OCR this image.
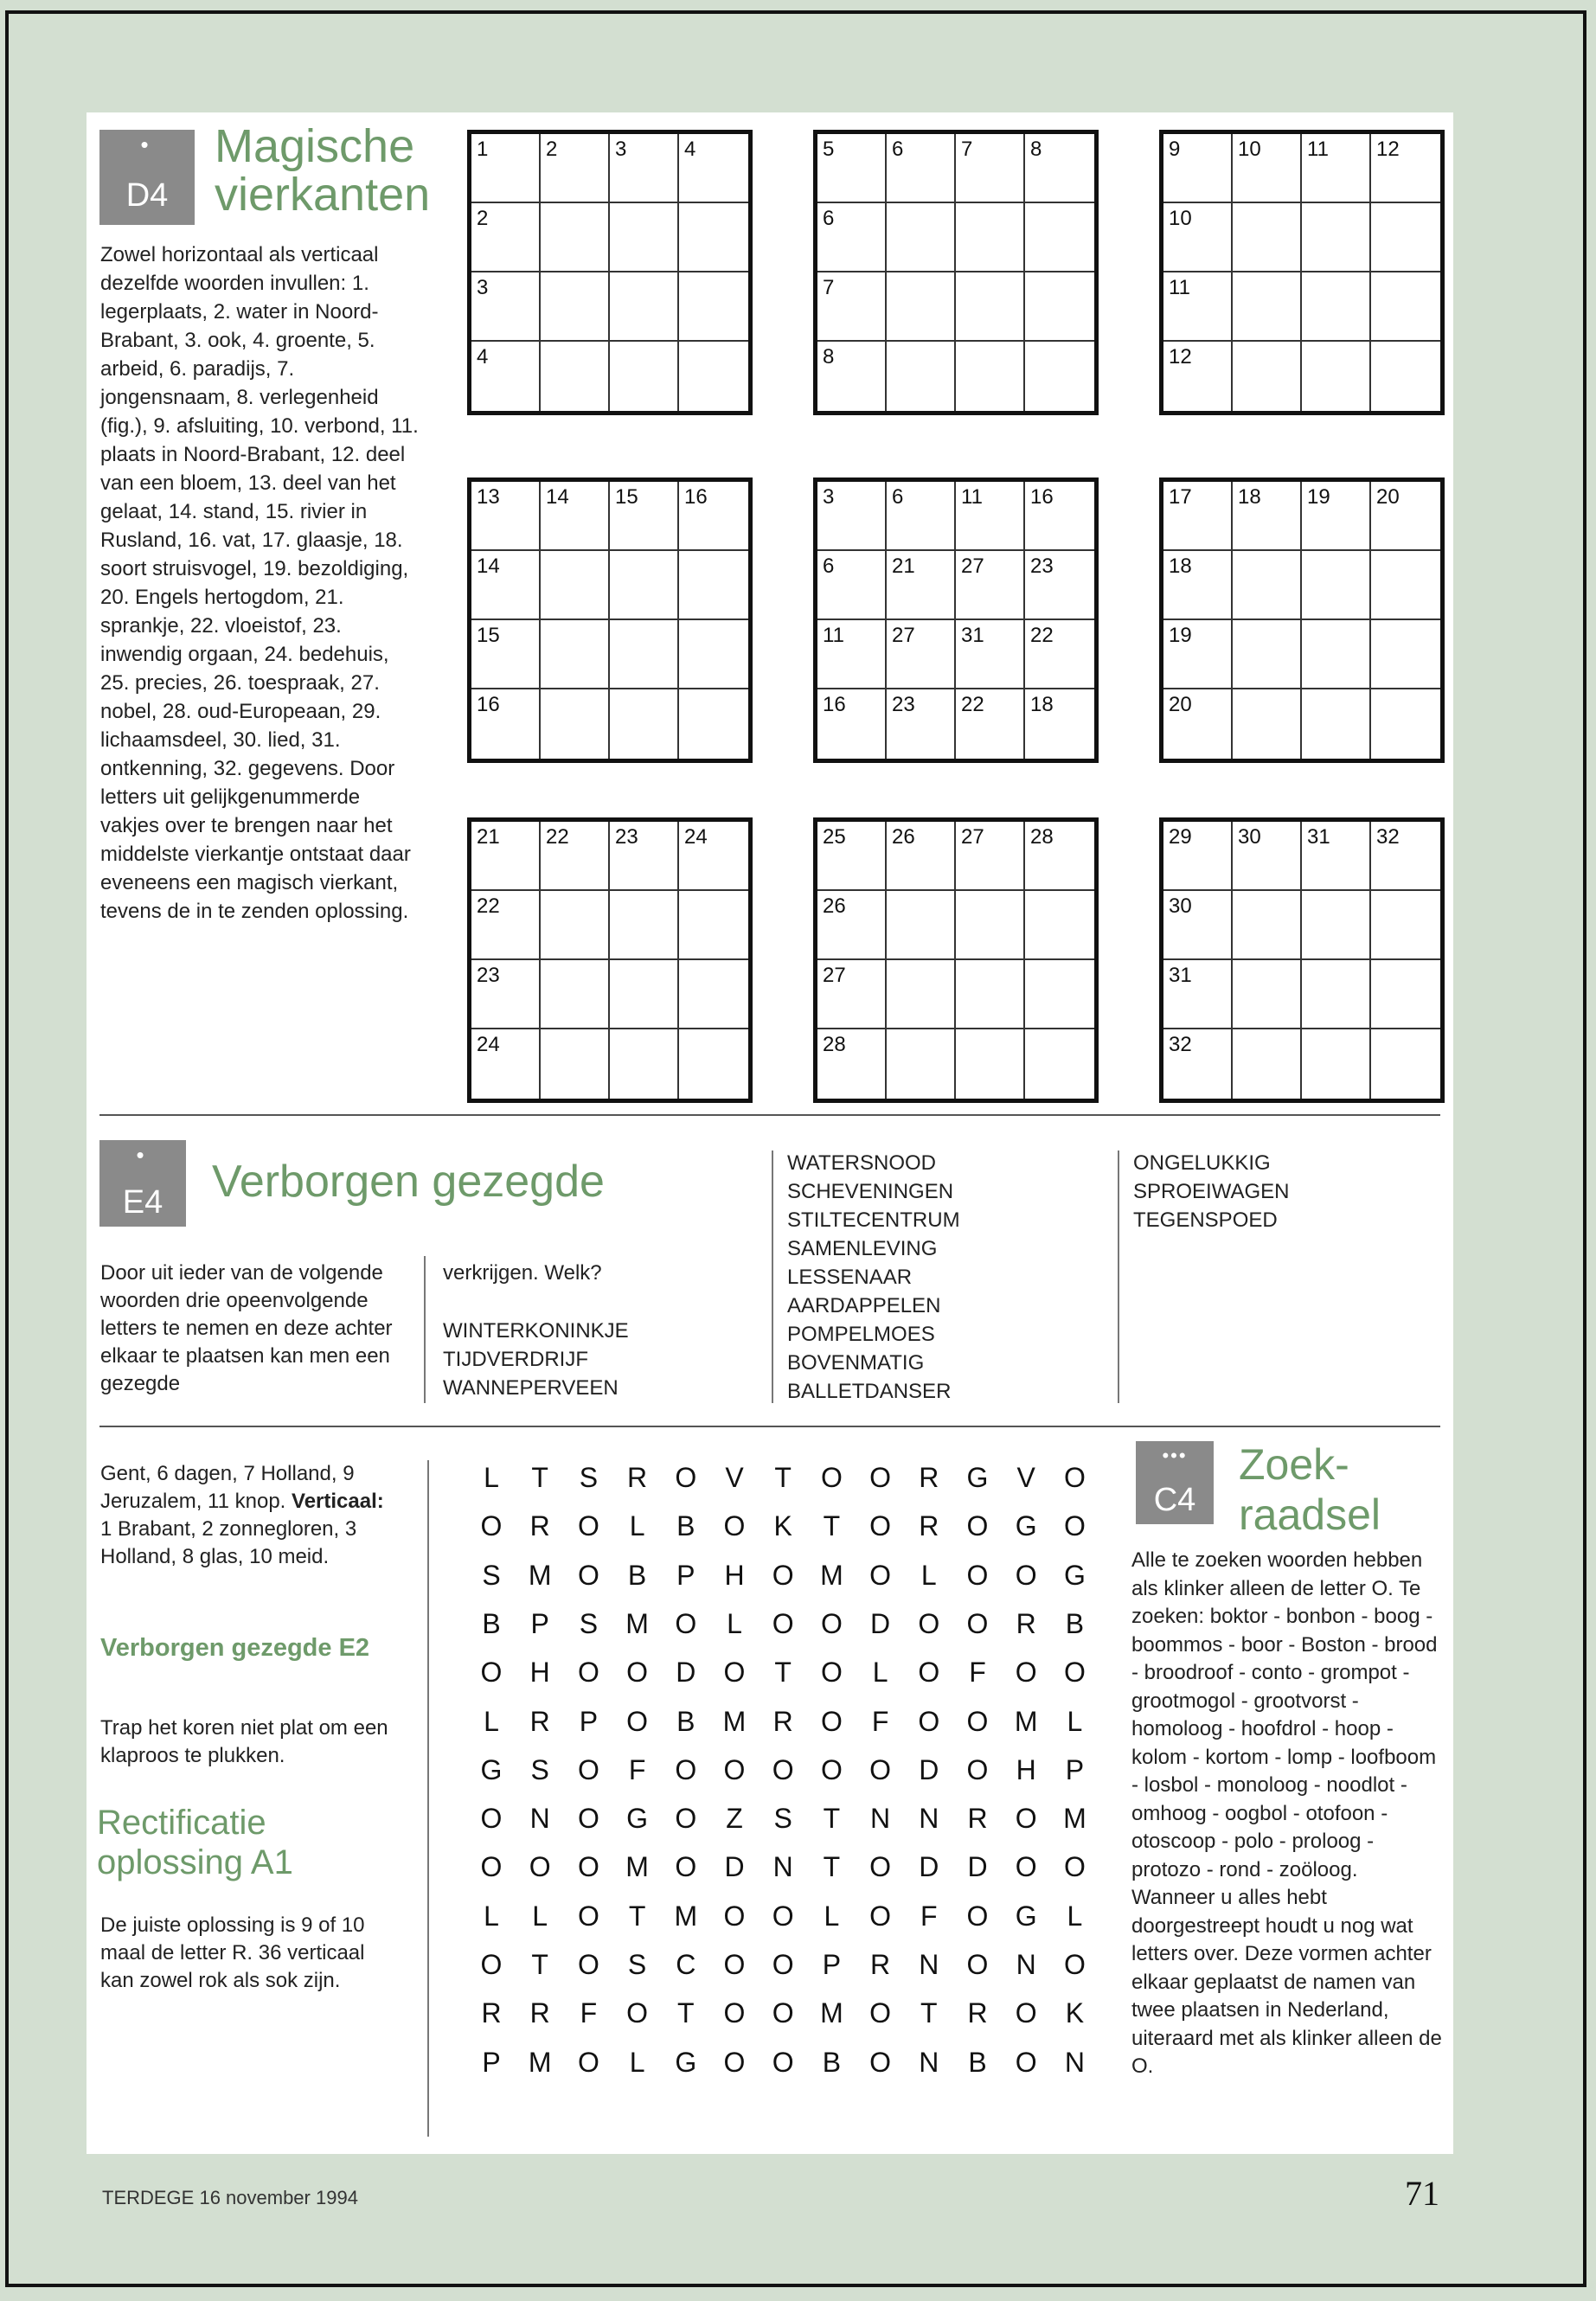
•
D4
Magische
vierkanten
Zowel horizontaal als verticaal dezelfde woorden invullen: 1. legerplaats, 2. water in Noord-Brabant, 3. ook, 4. groente, 5. arbeid, 6. paradijs, 7. jongensnaam, 8. verlegenheid (fig.), 9. afsluiting, 10. verbond, 11. plaats in Noord-Brabant, 12. deel van een bloem, 13. deel van het gelaat, 14. stand, 15. rivier in Rusland, 16. vat, 17. glaasje, 18. soort struisvogel, 19. bezoldiging, 20. Engels hertogdom, 21. sprankje, 22. vloeistof, 23. inwendig orgaan, 24. bedehuis, 25. precies, 26. toespraak, 27. nobel, 28. oud-Europeaan, 29. lichaamsdeel, 30. lied, 31. ontkenning, 32. gegevens. Door letters uit gelijkgenummerde vakjes over te brengen naar het middelste vierkantje ontstaat daar eveneens een magisch vierkant, tevens de in te zenden oplossing.
1	2	3	4
2
3
4
5	6	7	8
6
7
8
9	10 11 12
10
11
12
13 14 15 16
14
15
16
3	6	11 16
6	21 27 23
11 27 31 22
16 23 22 18
17 18 19 20
18
19
20
21 22 23 24
22
23
24
25 26 27 28
26
27
28
29 30 31 32
30
31
32
•
E4	Verborgen gezegde
Door uit ieder van de volgende woorden drie opeenvolgende letters te nemen en deze achter elkaar te plaatsen kan men een gezegde
verkrijgen. Welk?
WINTERKONINKJE
TIJDVERDRIJF
WANNEPERVEEN
WATERSNOOD
SCHEVENINGEN
STILTECENTRUM
SAMENLEVING
LESSENAAR
AARDAPPELEN
POMPELMOES
BOVENMATIG
BALLETDANSER
ONGELUKKIG
SPROEIWAGEN
TEGENSPOED
Gent, 6 dagen, 7 Holland, 9 Jeruzalem, 11 knop. Verticaal: 1 Brabant, 2 zonnegloren, 3 Holland, 8 glas, 10 meid.
Verborgen gezegde E2
Trap het koren niet plat om een klaproos te plukken.
Rectificatie oplossing A1
De juiste oplossing is 9 of 10 maal de letter R. 36 verticaal kan zowel rok als sok zijn.
L	T	S	R	O	V	T	O O	R	G	V	O
O	R	O	L	B	O	K	T	O	R	O G O
S	M O	B	P	H	O M O	L	O O G
B	P	S	M O	L	O O	D	O O	R	B
O	H	O O	D	O	T	O	L	O	F	O O
L	R	P	O	B	M R	O	F	O O M	L
G	S	O	F	O O O O O	D	O	H	P
O	N	O G O	Z	S	T	N	N	R	O M
O O O M O	D	N	T	O	D	D	O O
L	L	O	T	M O O	L	O	F	O G	L
O	T	O	S	C	O O	P	R	N	O	N	O
R	R	F	O	T	O O M O	T	R	O	K
P	M O	L	G O O	B	O	N	B	O	N
•••
C4
Zoek-
raadsel
Alle te zoeken woorden hebben als klinker alleen de letter O. Te zoeken: boktor - bonbon - boog - boommos - boor - Boston - brood - broodroof - conto - grompot - grootmogol - grootvorst - homoloog - hoofdrol - hoop - kolom - kortom - lomp - loofboom - losbol - monoloog - noodlot - omhoog - oogbol - otofoon - otoscoop - polo - proloog - protozo - rond - zoöloog. Wanneer u alles hebt doorgestreept houdt u nog wat letters over. Deze vormen achter elkaar geplaatst de namen van twee plaatsen in Nederland, uiteraard met als klinker alleen de O.
TERDEGE 16 november 1994	71
